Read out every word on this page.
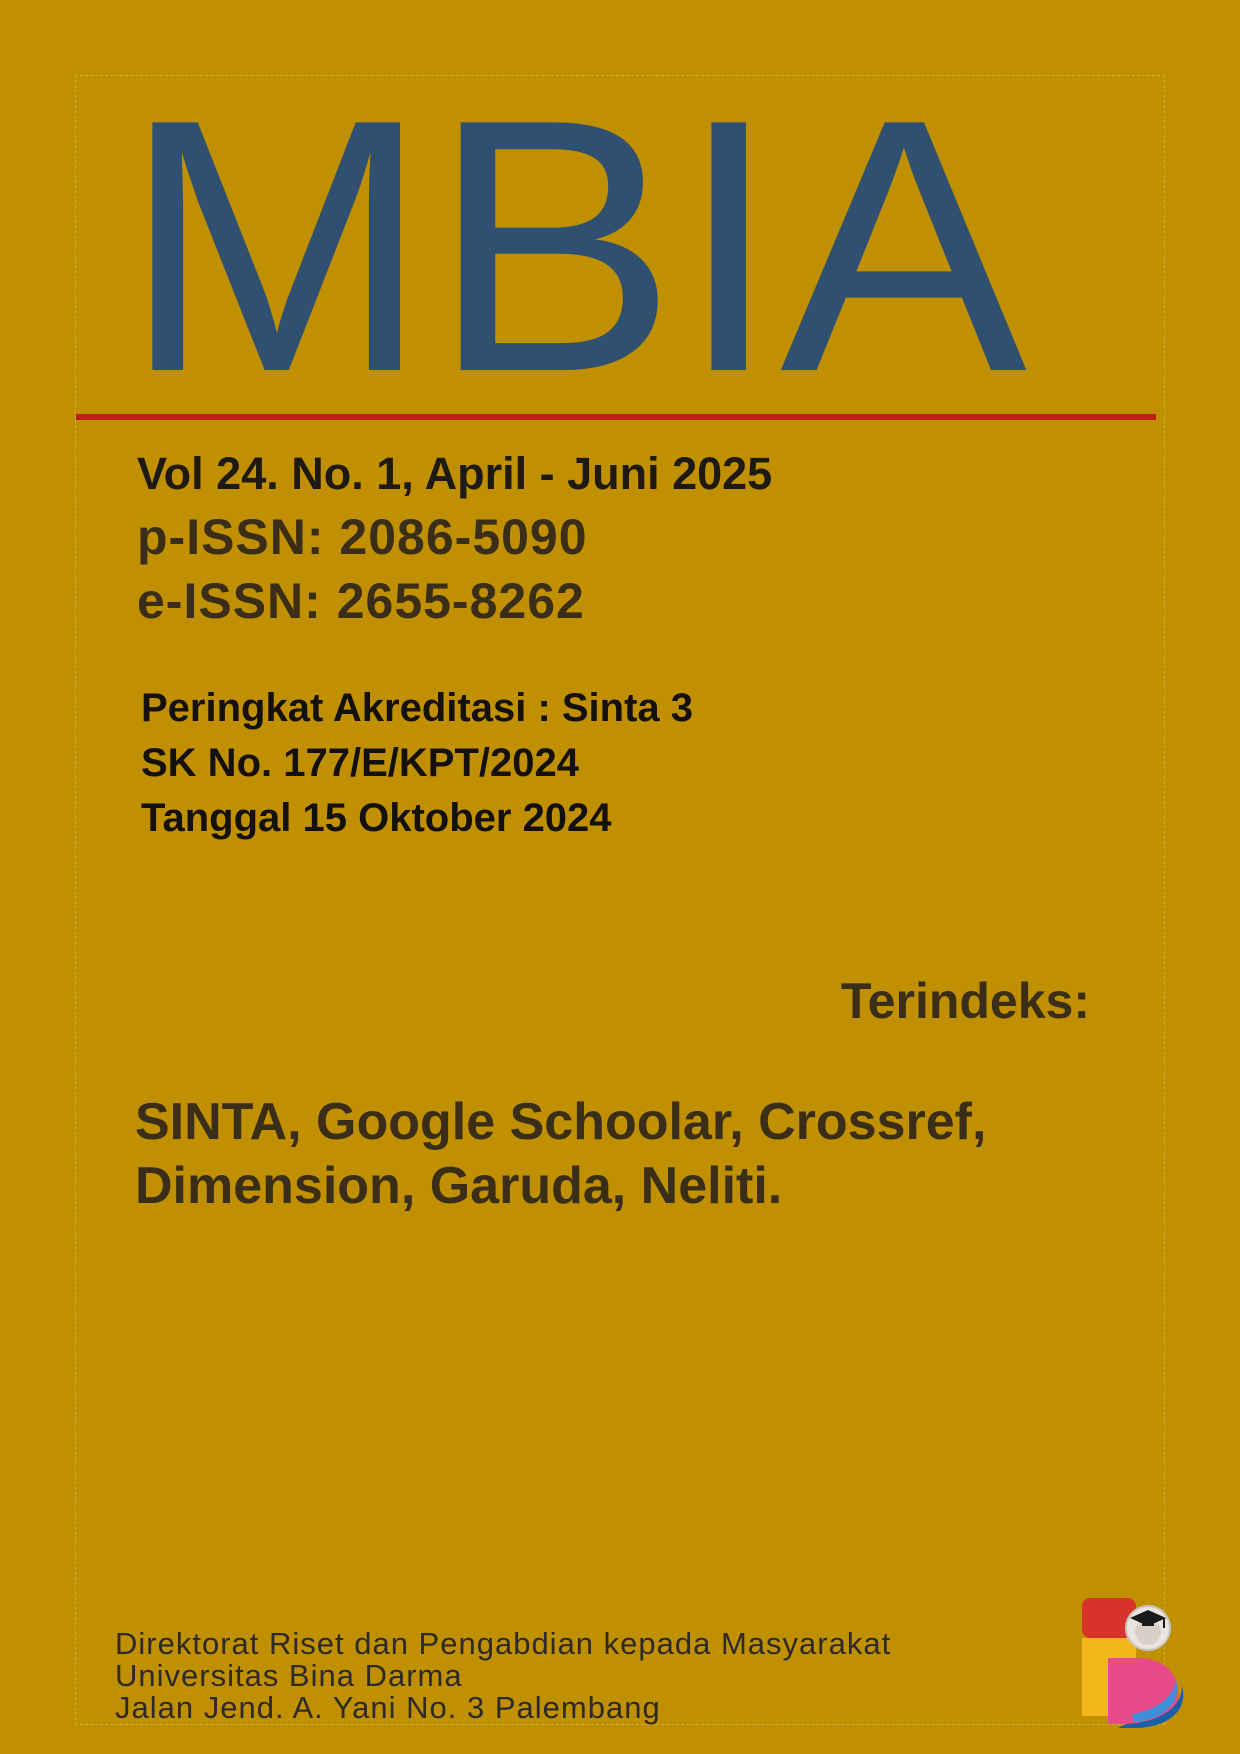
MBIA

Vol 24. No. 1, April - Juni 2025

p-ISSN: 2086-5090

e-ISSN: 2655-8262

Peringkat Akreditasi : Sinta 3

SK No. 177/E/KPT/2024

Tanggal 15 Oktober 2024

Terindeks:

SINTA, Google Schoolar, Crossref,
Dimension, Garuda, Neliti.
Direktorat Riset dan Pengabdian kepada Masyarakat
Universitas Bina Darma
Jalan Jend. A. Yani No. 3 Palembang
